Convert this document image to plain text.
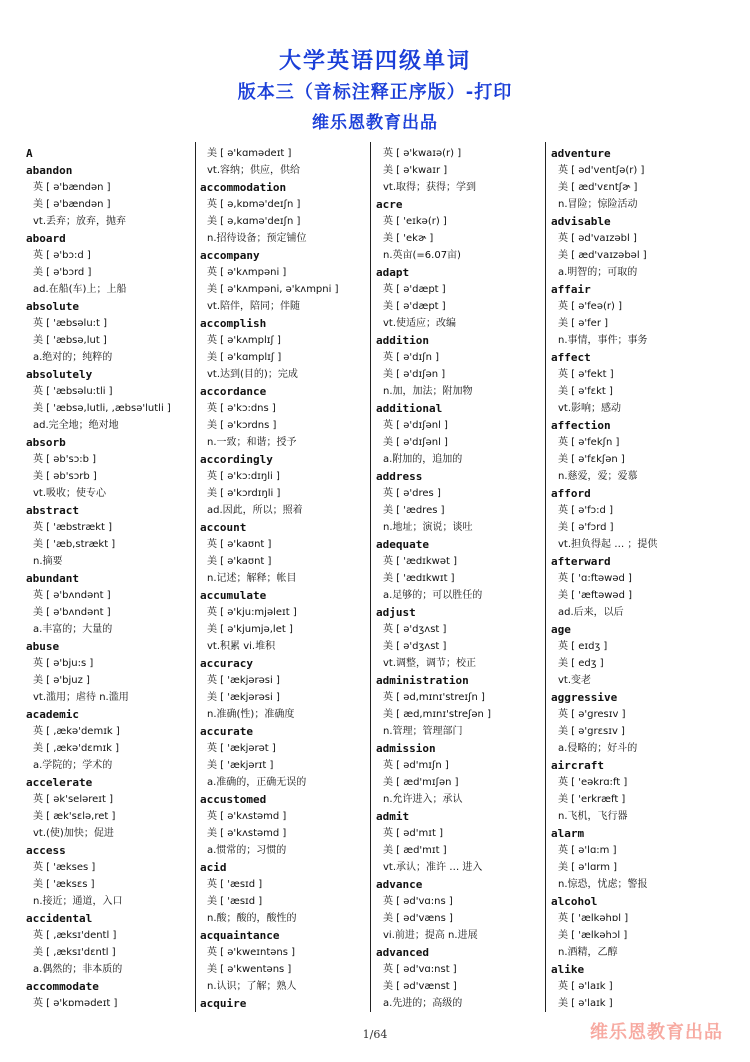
大学英语四级单词
版本三（音标注释正序版）-打印
维乐恩教育出品
A
abandon
英 [ ə'bændən ]
美 [ ə'bændən ]
vt.丢弃；放弃，抛弃
aboard
英 [ ə'bɔ:d ]
美 [ ə'bɔrd ]
ad.在船(车)上；上船
absolute
英 [ 'æbsəlu:t ]
美 [ 'æbsə,lut ]
a.绝对的；纯粹的
absolutely
英 [ 'æbsəlu:tli ]
美 [ 'æbsə,lutli, ,æbsə'lutli ]
ad.完全地；绝对地
absorb
英 [ əb'sɔ:b ]
美 [ əb'sɔrb ]
vt.吸收；使专心
abstract
英 [ 'æbstrækt ]
美 [ 'æb,strækt ]
n.摘要
abundant
英 [ ə'bʌndənt ]
美 [ ə'bʌndənt ]
a.丰富的；大量的
abuse
英 [ ə'bju:s ]
美 [ ə'bjuz ]
vt.滥用；虐待 n.滥用
academic
英 [ ,ækə'demɪk ]
美 [ ,ækə'dɛmɪk ]
a.学院的；学术的
accelerate
英 [ ək'seləreɪt ]
美 [ æk'sɛlə,ret ]
vt.(使)加快；促进
access
英 [ 'ækses ]
美 [ 'æksɛs ]
n.接近；通道，入口
accidental
英 [ ,æksɪ'dentl ]
美 [ ,æksɪ'dɛntl ]
a.偶然的；非本质的
accommodate
英 [ ə'kɒmədeɪt ]
美 [ ə'kɑmədeɪt ]
vt.容纳；供应，供给
accommodation
英 [ ə,kɒmə'deɪʃn ]
美 [ ə,kɑmə'deɪʃn ]
n.招待设备；预定铺位
accompany
英 [ ə'kʌmpəni ]
美 [ ə'kʌmpəni, ə'kʌmpni ]
vt.陪伴，陪同；伴随
accomplish
英 [ ə'kʌmplɪʃ ]
美 [ ə'kɑmplɪʃ ]
vt.达到(目的)；完成
accordance
英 [ ə'kɔ:dns ]
美 [ ə'kɔrdns ]
n.一致；和谐；授予
accordingly
英 [ ə'kɔ:dɪŋli ]
美 [ ə'kɔrdɪŋli ]
ad.因此，所以；照着
account
英 [ ə'kaʊnt ]
美 [ ə'kaʊnt ]
n.记述；解释；帐目
accumulate
英 [ ə'kju:mjəleɪt ]
美 [ ə'kjumjə,let ]
vt.积累 vi.堆积
accuracy
英 [ 'ækjərəsi ]
美 [ 'ækjərəsi ]
n.准确(性)；准确度
accurate
英 [ 'ækjərət ]
美 [ 'ækjərɪt ]
a.准确的，正确无误的
accustomed
英 [ ə'kʌstəmd ]
美 [ ə'kʌstəmd ]
a.惯常的；习惯的
acid
英 [ 'æsɪd ]
美 [ 'æsɪd ]
n.酸；酸的，酸性的
acquaintance
英 [ ə'kweɪntəns ]
美 [ ə'kwentəns ]
n.认识；了解；熟人
acquire
英 [ ə'kwaɪə(r) ]
美 [ ə'kwaɪr ]
vt.取得；获得；学到
acre
英 [ 'eɪkə(r) ]
美 [ 'ekɚ ]
n.英亩(=6.07亩)
adapt
英 [ ə'dæpt ]
美 [ ə'dæpt ]
vt.使适应；改编
addition
英 [ ə'dɪʃn ]
美 [ ə'dɪʃən ]
n.加，加法；附加物
additional
英 [ ə'dɪʃənl ]
美 [ ə'dɪʃənl ]
a.附加的，追加的
address
英 [ ə'dres ]
美 [ 'ædres ]
n.地址；演说；谈吐
adequate
英 [ 'ædɪkwət ]
美 [ 'ædɪkwɪt ]
a.足够的；可以胜任的
adjust
英 [ ə'dʒʌst ]
美 [ ə'dʒʌst ]
vt.调整，调节；校正
administration
英 [ əd,mɪnɪ'streɪʃn ]
美 [ æd,mɪnɪ'streʃən ]
n.管理；管理部门
admission
英 [ əd'mɪʃn ]
美 [ æd'mɪʃən ]
n.允许进入；承认
admit
英 [ əd'mɪt ]
美 [ æd'mɪt ]
vt.承认；准许 … 进入
advance
英 [ əd'vɑ:ns ]
美 [ əd'væns ]
vi.前进；提高 n.进展
advanced
英 [ əd'vɑ:nst ]
美 [ əd'vænst ]
a.先进的；高级的
adventure
英 [ əd'ventʃə(r) ]
美 [ æd'vɛntʃɚ ]
n.冒险；惊险活动
advisable
英 [ əd'vaɪzəbl ]
美 [ æd'vaɪzəbəl ]
a.明智的；可取的
affair
英 [ ə'feə(r) ]
美 [ ə'fer ]
n.事情，事件；事务
affect
英 [ ə'fekt ]
美 [ ə'fɛkt ]
vt.影响；感动
affection
英 [ ə'fekʃn ]
美 [ ə'fɛkʃən ]
n.慈爱，爱；爱慕
afford
英 [ ə'fɔ:d ]
美 [ ə'fɔrd ]
vt.担负得起 … ；提供
afterward
英 [ 'ɑ:ftəwəd ]
美 [ 'æftəwəd ]
ad.后来，以后
age
英 [ eɪdʒ ]
美 [ edʒ ]
vt.变老
aggressive
英 [ ə'gresɪv ]
美 [ ə'grɛsɪv ]
a.侵略的；好斗的
aircraft
英 [ 'eəkrɑ:ft ]
美 [ 'erkræft ]
n.飞机，飞行器
alarm
英 [ ə'lɑ:m ]
美 [ ə'lɑrm ]
n.惊恐，忧虑；警报
alcohol
英 [ 'ælkəhɒl ]
美 [ 'ælkəhɔl ]
n.酒精，乙醇
alike
英 [ ə'laɪk ]
美 [ ə'laɪk ]
1/64	维乐恩教育出品
